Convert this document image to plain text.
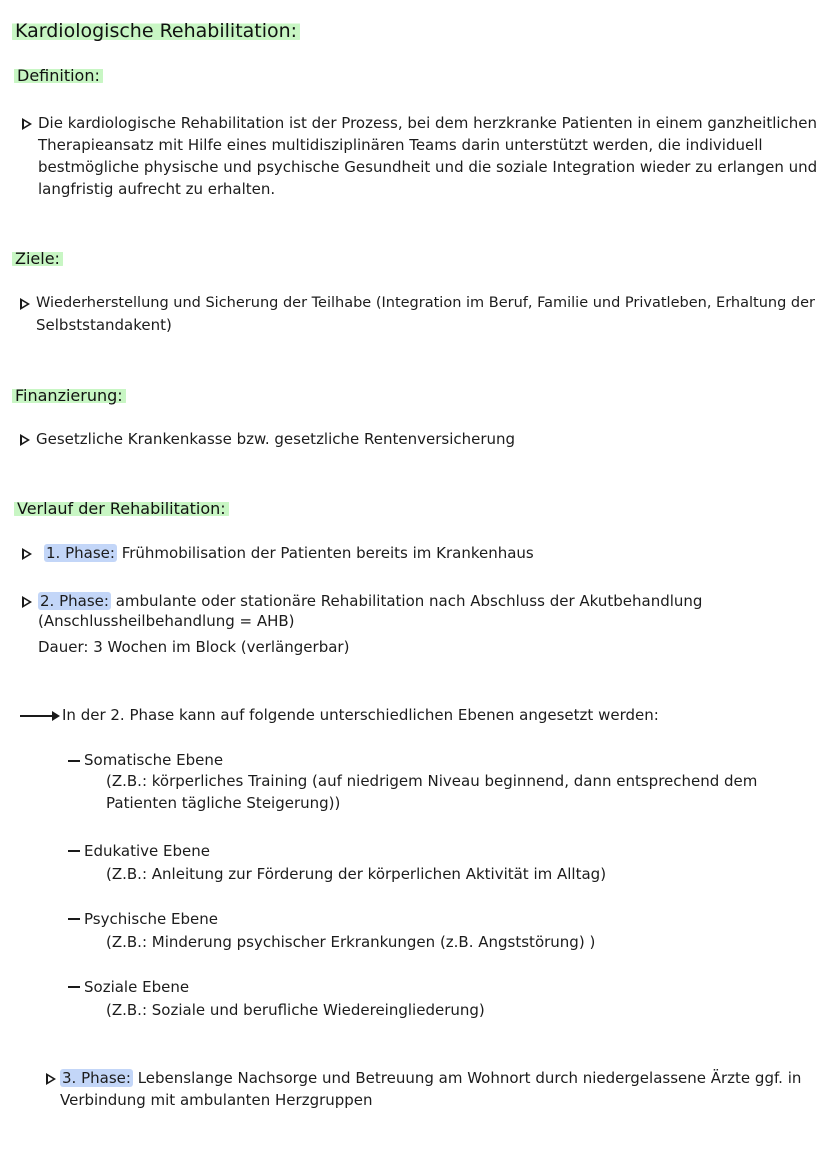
Kardiologische Rehabilitation:
Definition:
Die kardiologische Rehabilitation ist der Prozess, bei dem herzkranke Patienten in einem ganzheitlichen
Therapieansatz mit Hilfe eines multidisziplinären Teams darin unterstützt werden, die individuell
bestmögliche physische und psychische Gesundheit und die soziale Integration wieder zu erlangen und
langfristig aufrecht zu erhalten.
Ziele:
Wiederherstellung und Sicherung der Teilhabe (Integration im Beruf, Familie und Privatleben, Erhaltung der
Selbststandakent)
Finanzierung:
Gesetzliche Krankenkasse bzw. gesetzliche Rentenversicherung
Verlauf der Rehabilitation:
1. Phase: Frühmobilisation der Patienten bereits im Krankenhaus
2. Phase: ambulante oder stationäre Rehabilitation nach Abschluss der Akutbehandlung
(Anschlussheilbehandlung = AHB)
Dauer: 3 Wochen im Block (verlängerbar)
In der 2. Phase kann auf folgende unterschiedlichen Ebenen angesetzt werden:
Somatische Ebene
(Z.B.: körperliches Training (auf niedrigem Niveau beginnend, dann entsprechend dem
Patienten tägliche Steigerung))
Edukative Ebene
(Z.B.: Anleitung zur Förderung der körperlichen Aktivität im Alltag)
Psychische Ebene
(Z.B.: Minderung psychischer Erkrankungen (z.B. Angststörung) )
Soziale Ebene
(Z.B.: Soziale und berufliche Wiedereingliederung)
3. Phase: Lebenslange Nachsorge und Betreuung am Wohnort durch niedergelassene Ärzte ggf. in
Verbindung mit ambulanten Herzgruppen
